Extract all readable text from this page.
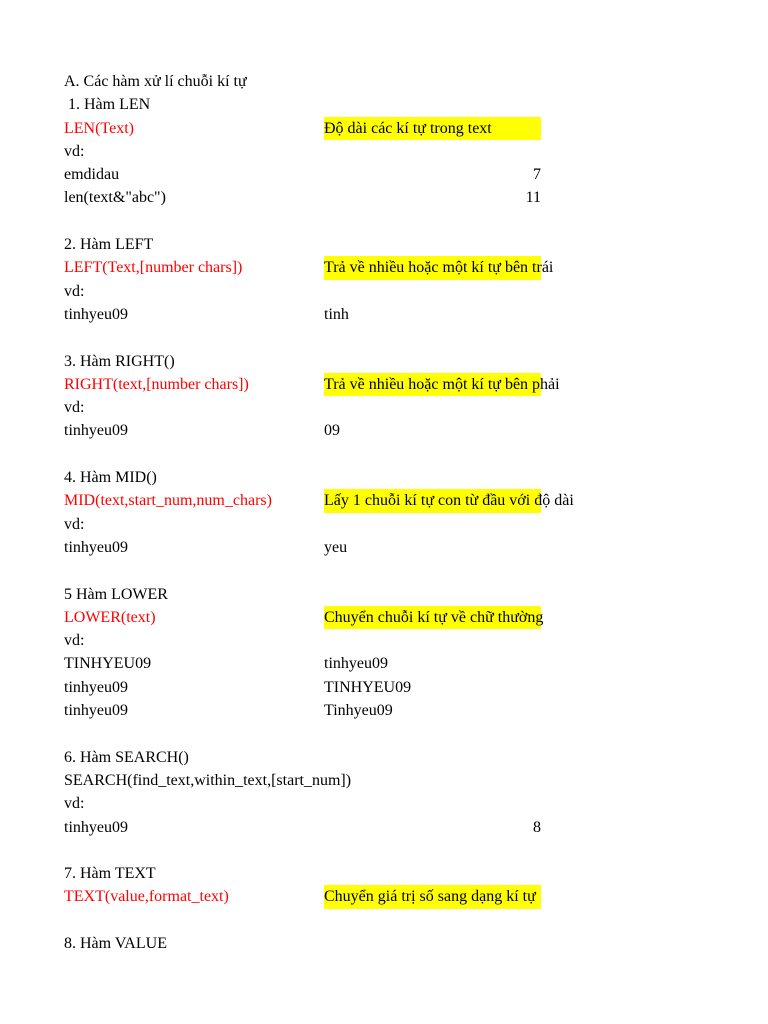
A. Các hàm xử lí chuỗi kí tự
1. Hàm LEN
LEN(Text)	Độ dài các kí tự trong text
vd:
emdidau	7
len(text&"abc")	11
2. Hàm LEFT
LEFT(Text,[number chars])	Trả về nhiều hoặc một kí tự bên trái
vd:
tinhyeu09	tinh
3. Hàm RIGHT()
RIGHT(text,[number chars])	Trả về nhiều hoặc một kí tự bên phải
vd:
tinhyeu09	09
4. Hàm MID()
MID(text,start_num,num_chars)	Lấy 1 chuỗi kí tự con từ đầu với độ dài
vd:
tinhyeu09	yeu
5 Hàm LOWER
LOWER(text)	Chuyển chuỗi kí tự về chữ thường
vd:
TINHYEU09	tinhyeu09
tinhyeu09	TINHYEU09
tinhyeu09	Tinhyeu09
6. Hàm SEARCH()
SEARCH(find_text,within_text,[start_num])
vd:
tinhyeu09	8
7. Hàm TEXT
TEXT(value,format_text)	Chuyển giá trị số sang dạng kí tự
8. Hàm VALUE
